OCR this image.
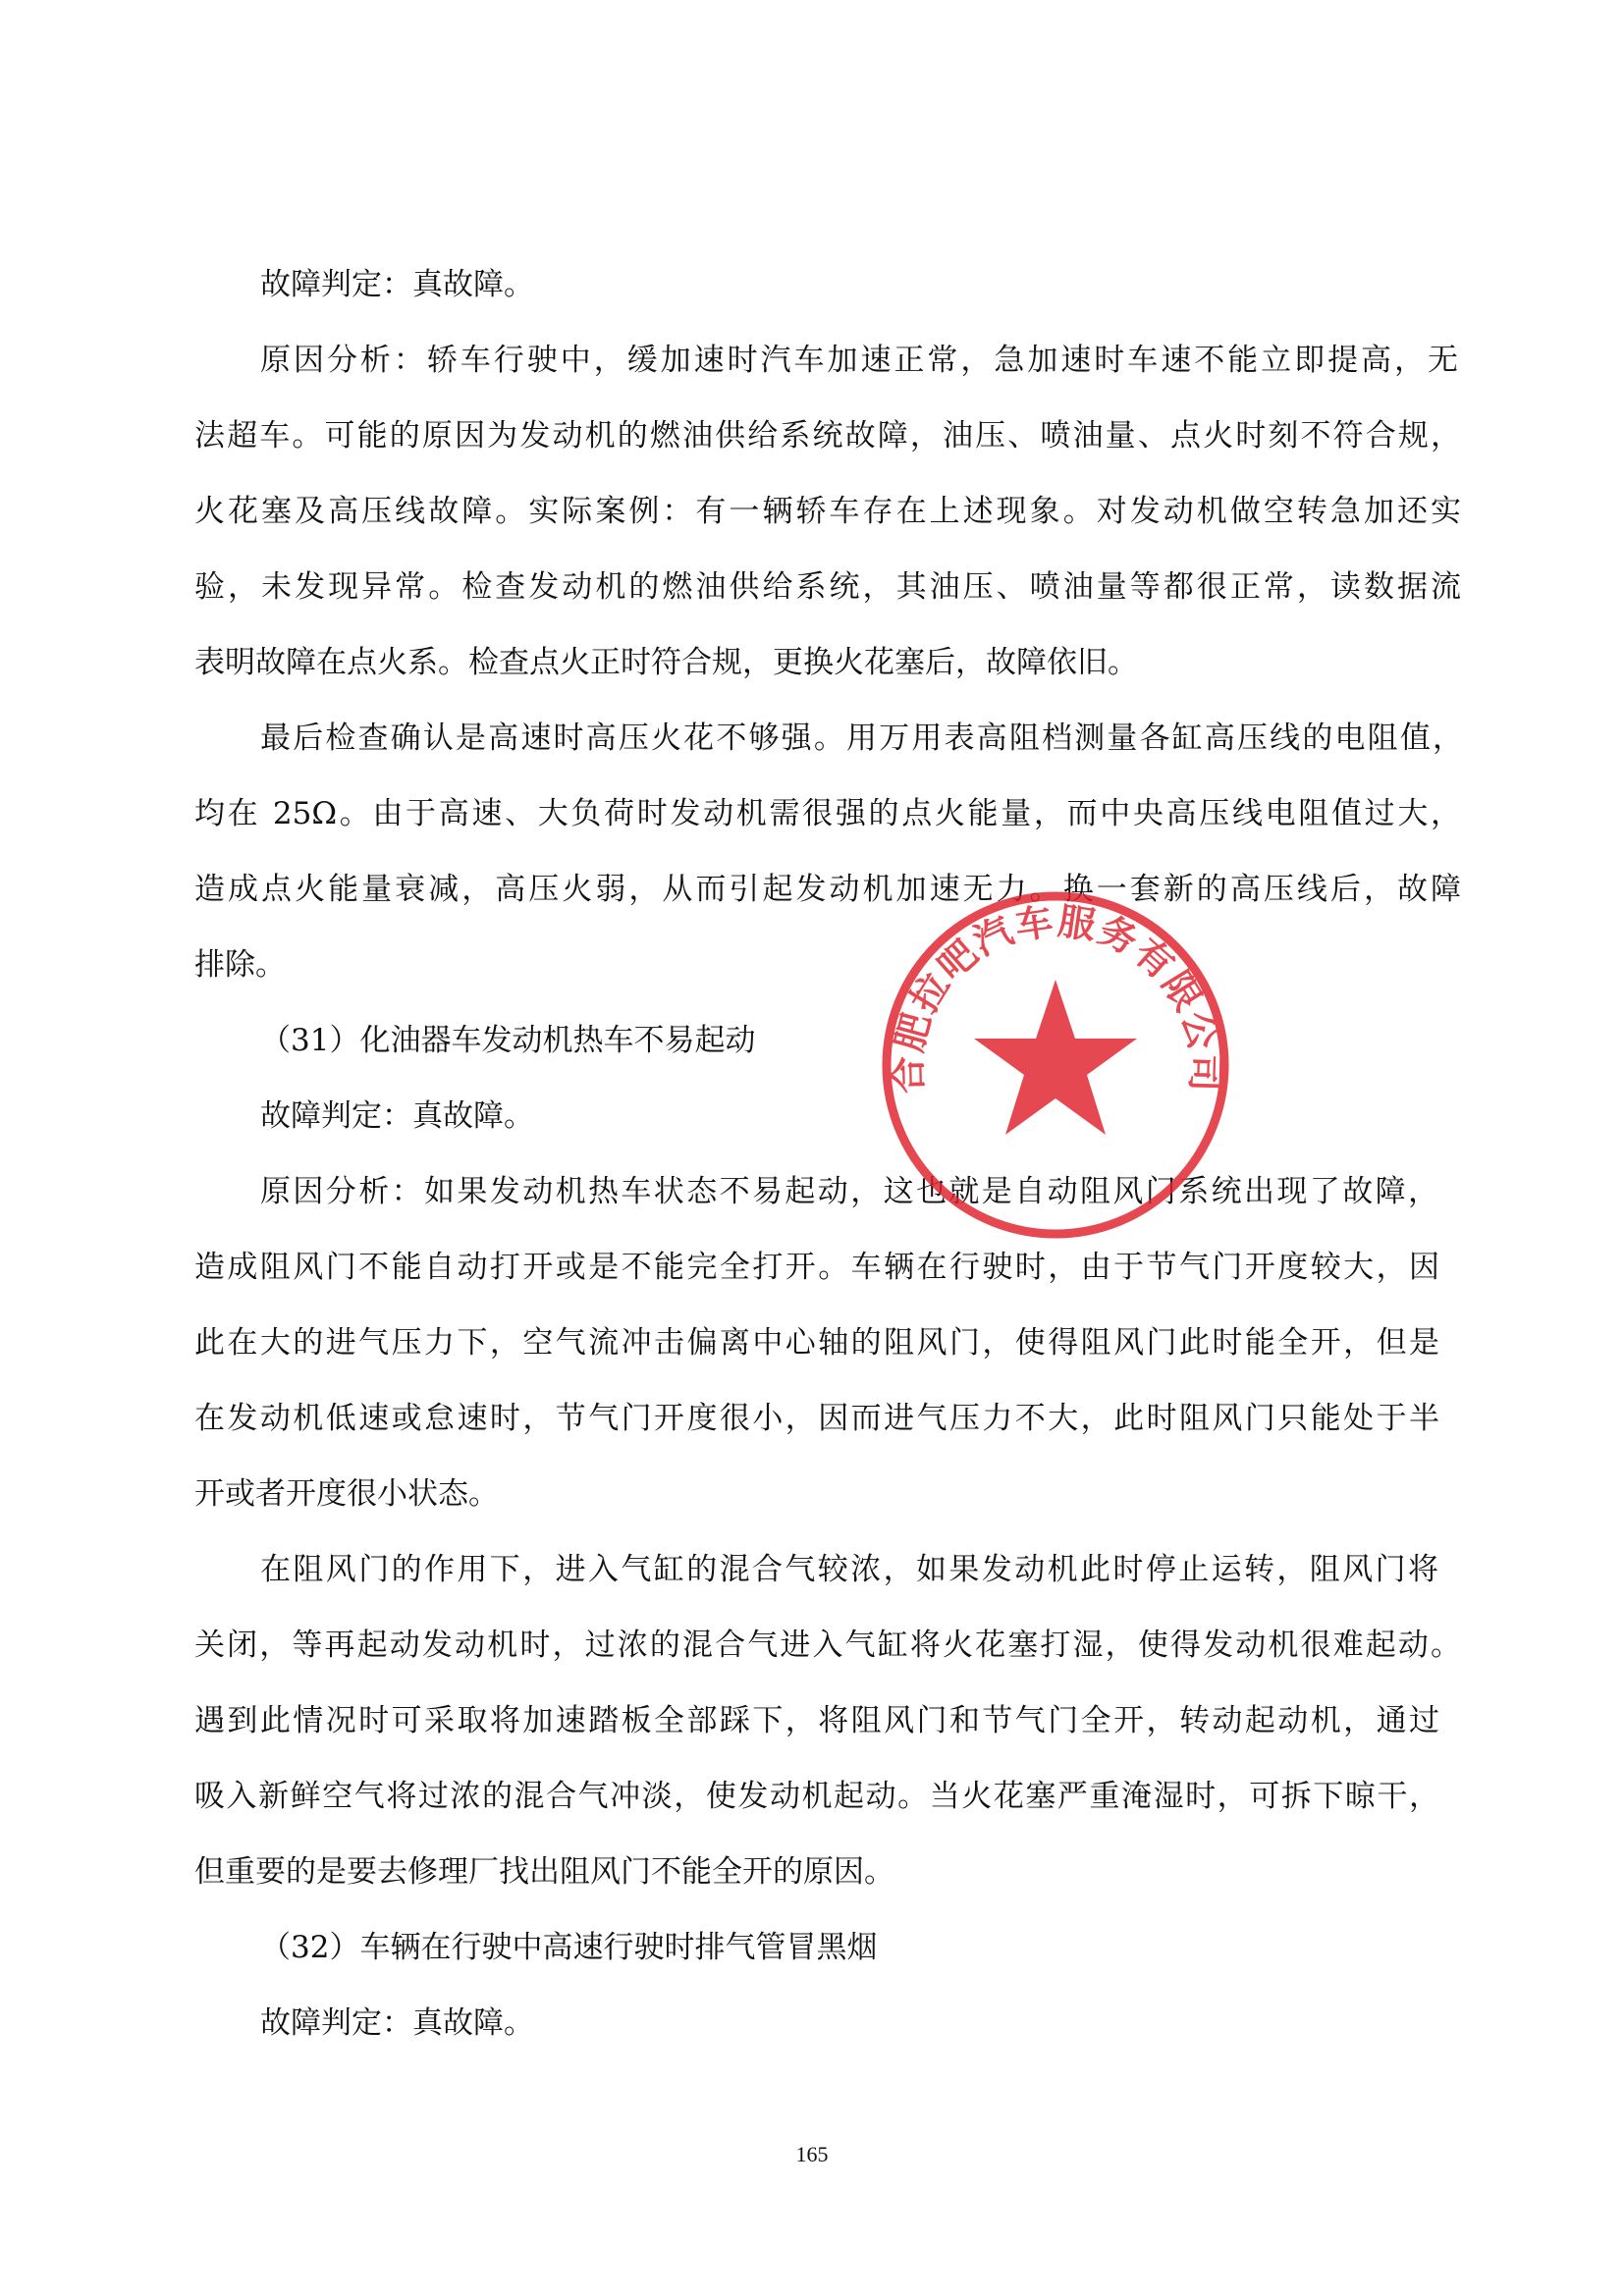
故障判定：真故障。
原因分析：轿车行驶中，缓加速时汽车加速正常，急加速时车速不能立即提高，无
法超车。可能的原因为发动机的燃油供给系统故障，油压、喷油量、点火时刻不符合规，
火花塞及高压线故障。实际案例：有一辆轿车存在上述现象。对发动机做空转急加还实
验，未发现异常。检查发动机的燃油供给系统，其油压、喷油量等都很正常，读数据流
表明故障在点火系。检查点火正时符合规，更换火花塞后，故障依旧。
最后检查确认是高速时高压火花不够强。用万用表高阻档测量各缸高压线的电阻值，
均在 25Ω。由于高速、大负荷时发动机需很强的点火能量，而中央高压线电阻值过大，
造成点火能量衰减，高压火弱，从而引起发动机加速无力。换一套新的高压线后，故障
排除。
（31）化油器车发动机热车不易起动
故障判定：真故障。
原因分析：如果发动机热车状态不易起动，这也就是自动阻风门系统出现了故障，
造成阻风门不能自动打开或是不能完全打开。车辆在行驶时，由于节气门开度较大，因
此在大的进气压力下，空气流冲击偏离中心轴的阻风门，使得阻风门此时能全开，但是
在发动机低速或怠速时，节气门开度很小，因而进气压力不大，此时阻风门只能处于半
开或者开度很小状态。
在阻风门的作用下，进入气缸的混合气较浓，如果发动机此时停止运转，阻风门将
关闭，等再起动发动机时，过浓的混合气进入气缸将火花塞打湿，使得发动机很难起动。
遇到此情况时可采取将加速踏板全部踩下，将阻风门和节气门全开，转动起动机，通过
吸入新鲜空气将过浓的混合气冲淡，使发动机起动。当火花塞严重淹湿时，可拆下晾干，
但重要的是要去修理厂找出阻风门不能全开的原因。
（32）车辆在行驶中高速行驶时排气管冒黑烟
故障判定：真故障。
165
合肥拉吧汽车服务有限公司
